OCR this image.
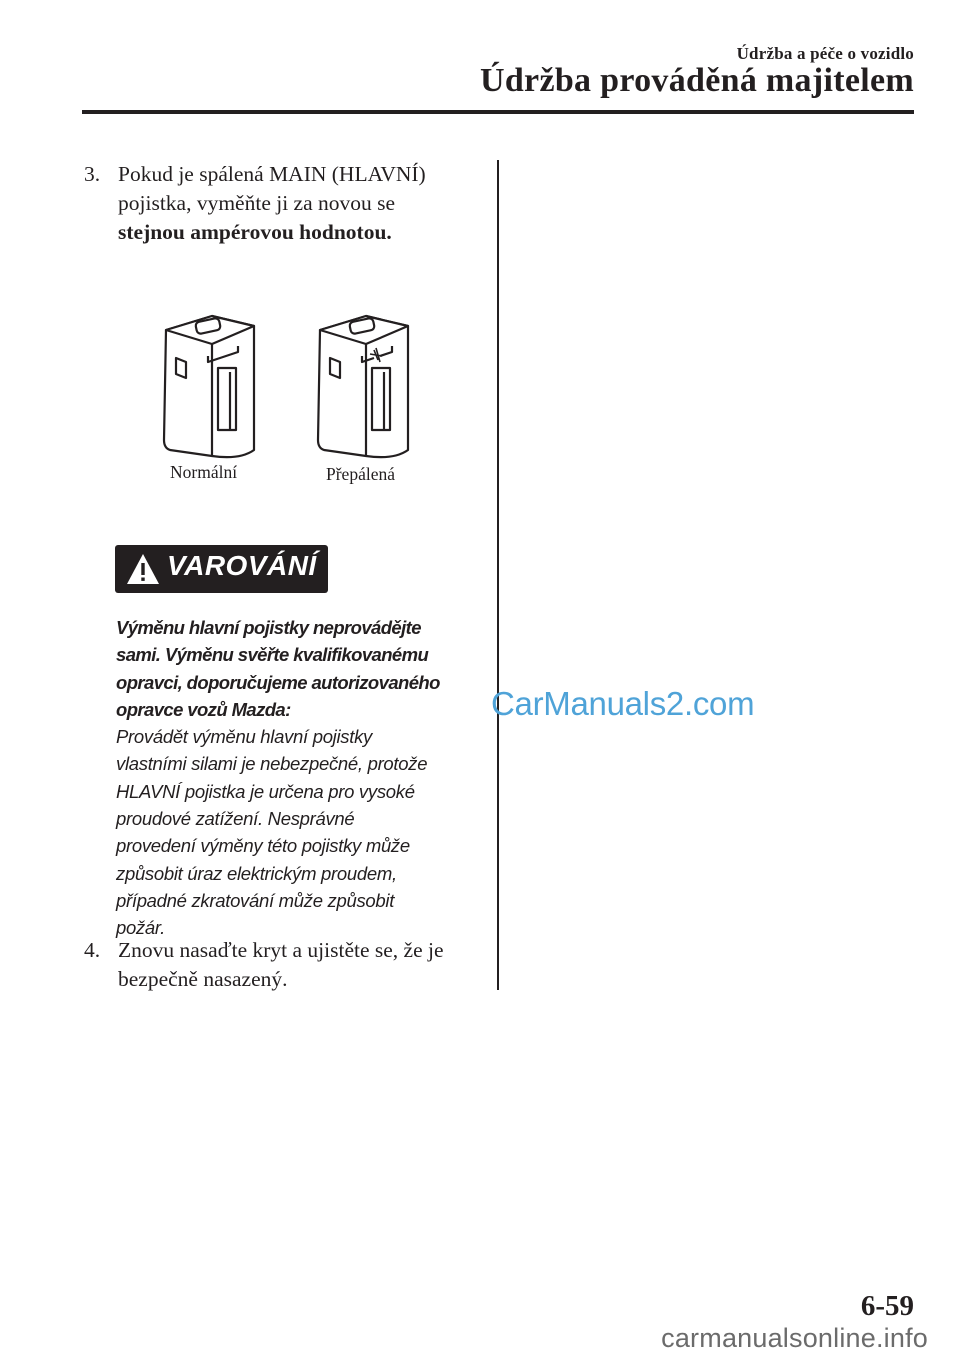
Údržba a péče o vozidlo
Údržba prováděná majitelem
3. Pokud je spálená MAIN (HLAVNÍ)
pojistka, vyměňte ji za novou se
stejnou ampérovou hodnotou.
Normální	Přepálená
VAROVÁNÍ
Výměnu hlavní pojistky neprovádějte
sami. Výměnu svěřte kvalifikovanému
opravci, doporučujeme autorizovaného
opravce vozů Mazda:
Provádět výměnu hlavní pojistky
vlastními silami je nebezpečné, protože
HLAVNÍ pojistka je určena pro vysoké
proudové zatížení. Nesprávné
provedení výměny této pojistky může
způsobit úraz elektrickým proudem,
případné zkratování může způsobit
požár.
4. Znovu nasaďte kryt a ujistěte se, že je
bezpečně nasazený.
CarManuals2.com
6-59
carmanualsonline.info
